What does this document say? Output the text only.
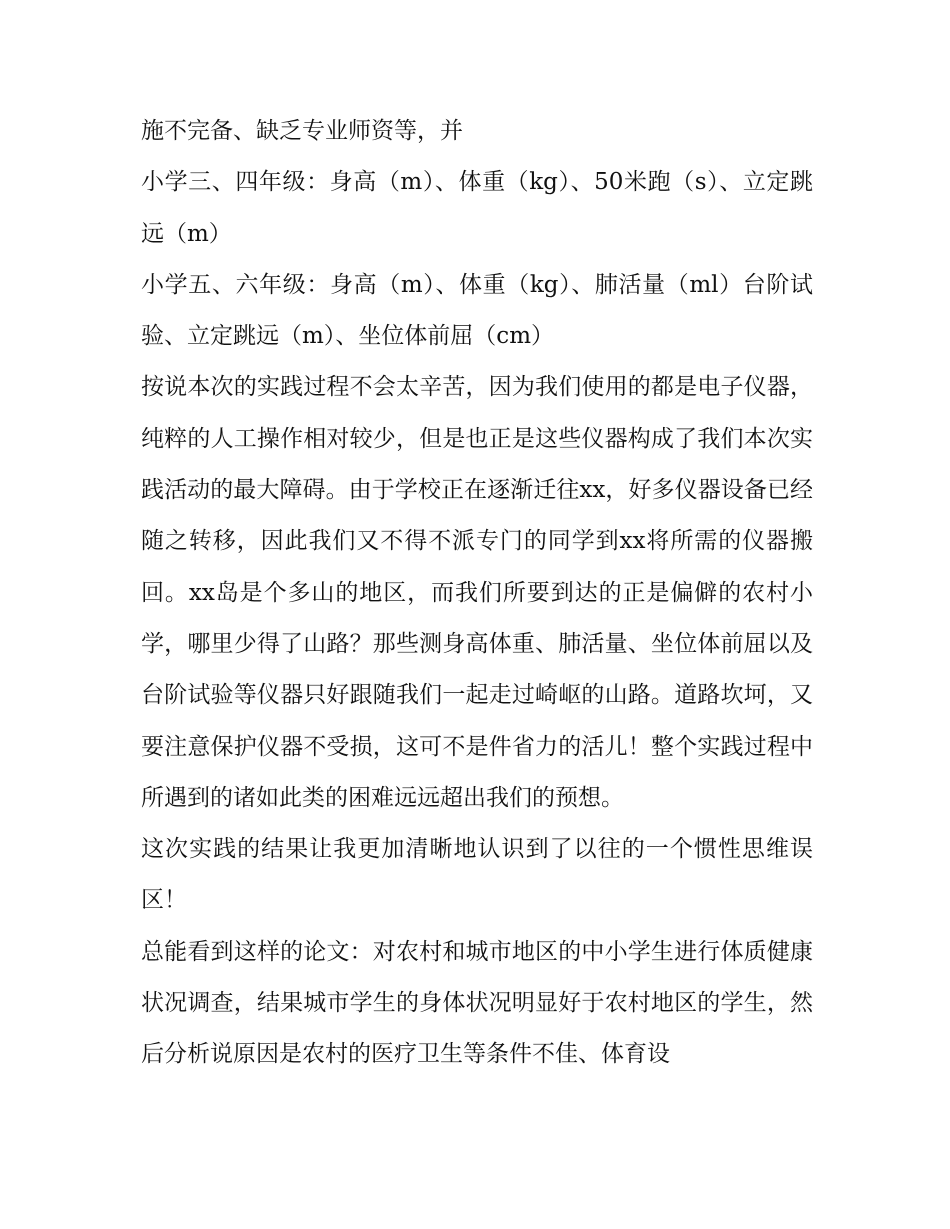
施不完备、缺乏专业师资等，并

小学三、四年级：身高（m）、体重（kg）、50米跑（s）、立定跳远（m）

小学五、六年级：身高（m）、体重（kg）、肺活量（ml）台阶试验、立定跳远（m）、坐位体前屈（cm）

按说本次的实践过程不会太辛苦，因为我们使用的都是电子仪器，纯粹的人工操作相对较少，但是也正是这些仪器构成了我们本次实践活动的最大障碍。由于学校正在逐渐迁往xx，好多仪器设备已经随之转移，因此我们又不得不派专门的同学到xx将所需的仪器搬回。xx岛是个多山的地区，而我们所要到达的正是偏僻的农村小学，哪里少得了山路？那些测身高体重、肺活量、坐位体前屈以及台阶试验等仪器只好跟随我们一起走过崎岖的山路。道路坎坷，又要注意保护仪器不受损，这可不是件省力的活儿！整个实践过程中所遇到的诸如此类的困难远远超出我们的预想。

这次实践的结果让我更加清晰地认识到了以往的一个惯性思维误区！

总能看到这样的论文：对农村和城市地区的中小学生进行体质健康状况调查，结果城市学生的身体状况明显好于农村地区的学生，然后分析说原因是农村的医疗卫生等条件不佳、体育设
